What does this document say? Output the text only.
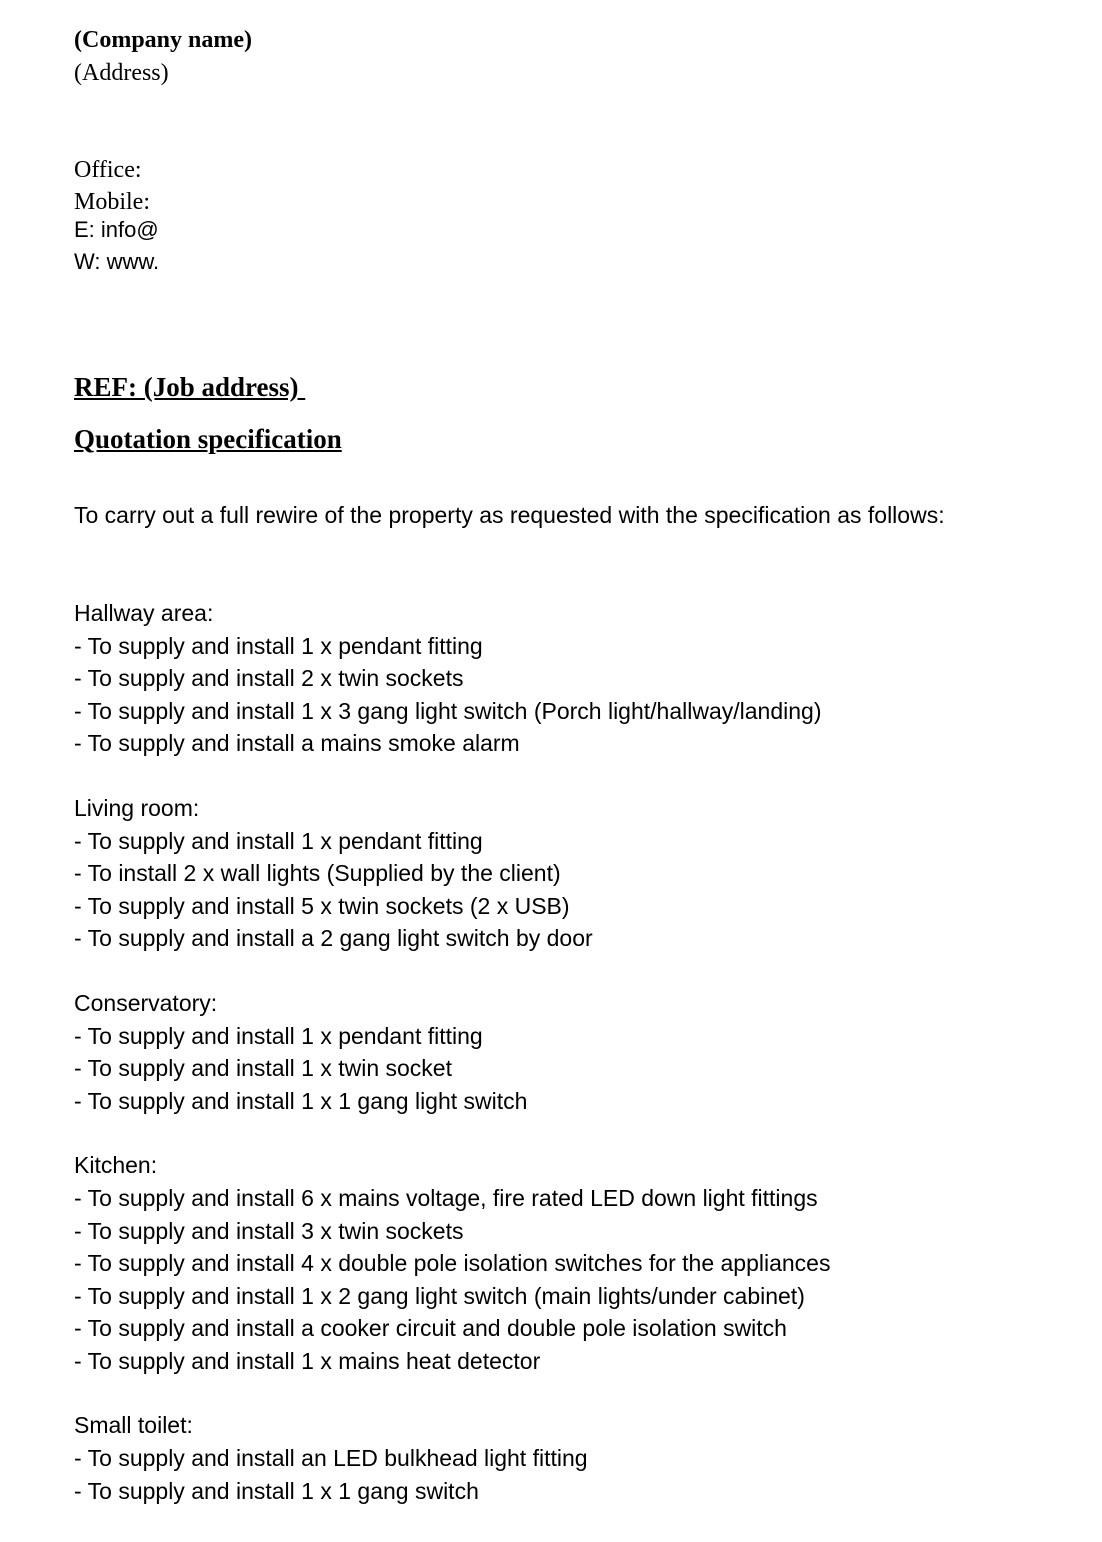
(Company name)
(Address)
Office:
Mobile:
E: info@
W: www.
REF: (Job address)
Quotation specification
To carry out a full rewire of the property as requested with the specification as follows:
Hallway area:
- To supply and install 1 x pendant fitting
- To supply and install 2 x twin sockets
- To supply and install 1 x 3 gang light switch (Porch light/hallway/landing)
- To supply and install a mains smoke alarm
Living room:
- To supply and install 1 x pendant fitting
- To install 2 x wall lights (Supplied by the client)
- To supply and install 5 x twin sockets (2 x USB)
- To supply and install a 2 gang light switch by door
Conservatory:
- To supply and install 1 x pendant fitting
- To supply and install 1 x twin socket
- To supply and install 1 x 1 gang light switch
Kitchen:
- To supply and install 6 x mains voltage, fire rated LED down light fittings
- To supply and install 3 x twin sockets
- To supply and install 4 x double pole isolation switches for the appliances
- To supply and install 1 x 2 gang light switch (main lights/under cabinet)
- To supply and install a cooker circuit and double pole isolation switch
- To supply and install 1 x mains heat detector
Small toilet:
- To supply and install an LED bulkhead light fitting
- To supply and install 1 x 1 gang switch
